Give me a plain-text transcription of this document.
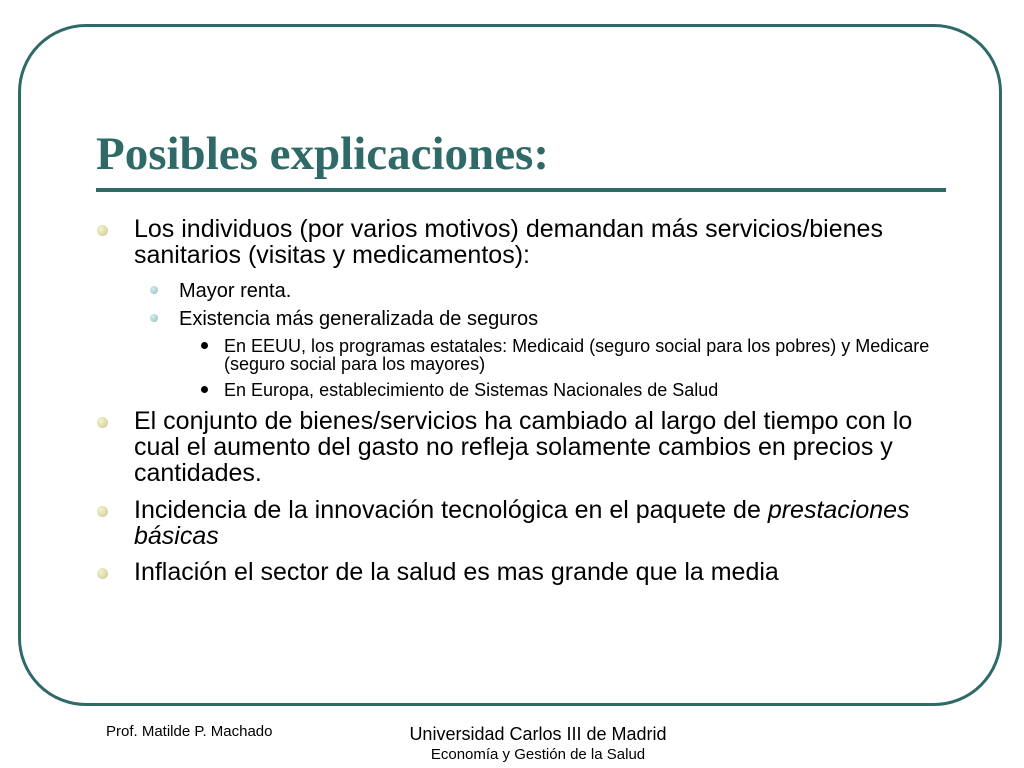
Posibles explicaciones:
Los individuos (por varios motivos) demandan más servicios/bienes sanitarios (visitas y medicamentos):
Mayor renta.
Existencia más generalizada de seguros
En EEUU, los programas estatales: Medicaid (seguro social para los pobres) y Medicare (seguro social para los mayores)
En Europa, establecimiento de Sistemas Nacionales de Salud
El conjunto de bienes/servicios ha cambiado al largo del tiempo con lo cual el aumento del gasto no refleja solamente cambios en precios y cantidades.
Incidencia de la innovación tecnológica en el paquete de prestaciones básicas
Inflación el sector de la salud es mas grande que la media
Prof. Matilde P. Machado	Universidad Carlos III de Madrid
Economía y Gestión de la Salud
